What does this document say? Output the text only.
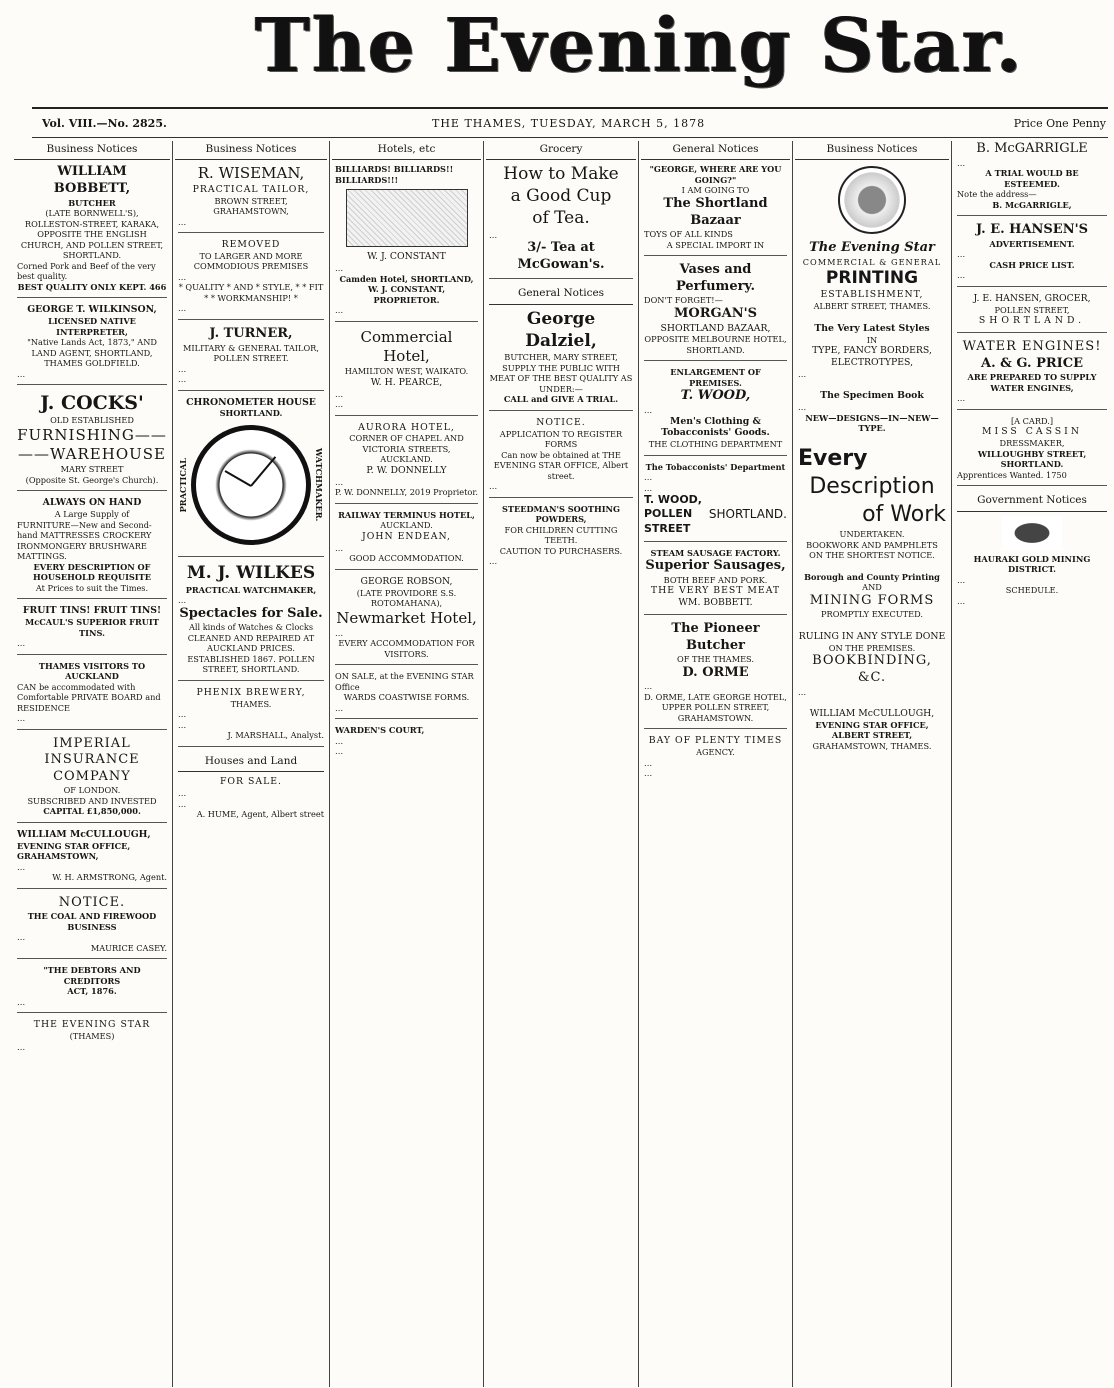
The Evening Star.
Vol. VIII.—No. 2825.	THE THAMES, TUESDAY, MARCH 5, 1878	Price One Penny
Business Notices
WILLIAM BOBBETT,
BUTCHER
(LATE BORNWELL'S), ROLLESTON-STREET, KARAKA, OPPOSITE THE ENGLISH CHURCH, AND POLLEN STREET, SHORTLAND.
Corned Pork and Beef of the very best quality.
BEST QUALITY ONLY KEPT. 466
GEORGE T. WILKINSON,
LICENSED NATIVE INTERPRETER,
"Native Lands Act, 1873," AND LAND AGENT, SHORTLAND, THAMES GOLDFIELD.
…
J. COCKS'
OLD ESTABLISHED
FURNISHING—— ——WAREHOUSE
MARY STREET
(Opposite St. George's Church).
ALWAYS ON HAND
A Large Supply of
FURNITURE—New and Second-hand MATTRESSES CROCKERY IRONMONGERY BRUSHWARE MATTINGS.
EVERY DESCRIPTION OF HOUSEHOLD REQUISITE
At Prices to suit the Times.
FRUIT TINS! FRUIT TINS!
McCAUL'S SUPERIOR FRUIT TINS.
…
THAMES VISITORS TO AUCKLAND
CAN be accommodated with Comfortable PRIVATE BOARD and RESIDENCE
…
IMPERIAL
INSURANCE COMPANY
OF LONDON.
SUBSCRIBED AND INVESTED
CAPITAL £1,850,000.
WILLIAM McCULLOUGH,
EVENING STAR OFFICE, GRAHAMSTOWN,
…
W. H. ARMSTRONG, Agent.
NOTICE.
THE COAL AND FIREWOOD BUSINESS
…
MAURICE CASEY.
"THE DEBTORS AND CREDITORS
ACT, 1876.
…
THE EVENING STAR
(THAMES)
…
Business Notices
R. WISEMAN,
PRACTICAL TAILOR,
BROWN STREET, GRAHAMSTOWN,
…
REMOVED
TO LARGER AND MORE COMMODIOUS PREMISES
…
* QUALITY * AND * STYLE, * * FIT * * WORKMANSHIP! *
…
J. TURNER,
MILITARY & GENERAL TAILOR, POLLEN STREET.
…
…
CHRONOMETER HOUSE
SHORTLAND.
PRACTICAL	WATCHMAKER.
M. J. WILKES
PRACTICAL WATCHMAKER,
…
Spectacles for Sale.
All kinds of Watches & Clocks CLEANED AND REPAIRED AT AUCKLAND PRICES. ESTABLISHED 1867. POLLEN STREET, SHORTLAND.
PHENIX BREWERY,
THAMES.
…
…
J. MARSHALL, Analyst.
Houses and Land
FOR SALE.
…
…
A. HUME, Agent, Albert street
Hotels, etc
BILLIARDS! BILLIARDS!! BILLIARDS!!!
W. J. CONSTANT
…
Camden Hotel, SHORTLAND, W. J. CONSTANT, PROPRIETOR.
…
Commercial Hotel,
HAMILTON WEST, WAIKATO.
W. H. PEARCE,
…
…
AURORA HOTEL,
CORNER OF CHAPEL AND VICTORIA STREETS, AUCKLAND.
P. W. DONNELLY
…
P. W. DONNELLY, 2019 Proprietor.
RAILWAY TERMINUS HOTEL,
AUCKLAND.
JOHN ENDEAN,
…
GOOD ACCOMMODATION.
GEORGE ROBSON,
(LATE PROVIDORE S.S. ROTOMAHANA),
Newmarket Hotel,
…
EVERY ACCOMMODATION FOR VISITORS.
ON SALE, at the EVENING STAR Office
WARDS COASTWISE FORMS.
…
WARDEN'S COURT,
…
…
Grocery
How to Make
a Good Cup
of Tea.
…
3/- Tea at McGowan's.
General Notices
George Dalziel,
BUTCHER, MARY STREET,
SUPPLY THE PUBLIC WITH MEAT OF THE BEST QUALITY AS UNDER:—
CALL and GIVE A TRIAL.
NOTICE.
APPLICATION TO REGISTER FORMS
Can now be obtained at THE EVENING STAR OFFICE, Albert street.
…
STEEDMAN'S SOOTHING POWDERS,
FOR CHILDREN CUTTING TEETH.
CAUTION TO PURCHASERS.
…
General Notices
"GEORGE, WHERE ARE YOU GOING?"
I AM GOING TO
The Shortland Bazaar
TOYS OF ALL KINDS
A SPECIAL IMPORT IN
Vases and Perfumery.
DON'T FORGET!—
MORGAN'S
SHORTLAND BAZAAR,
OPPOSITE MELBOURNE HOTEL, SHORTLAND.
ENLARGEMENT OF PREMISES.
T. WOOD,
…
Men's Clothing & Tobacconists' Goods.
THE CLOTHING DEPARTMENT
The Tobacconists' Department
…
…
T. WOOD, POLLEN STREET
SHORTLAND.
STEAM SAUSAGE FACTORY.
Superior Sausages,
BOTH BEEF AND PORK.
THE VERY BEST MEAT
WM. BOBBETT.
The Pioneer Butcher
OF THE THAMES.
D. ORME
…
D. ORME, LATE GEORGE HOTEL, UPPER POLLEN STREET, GRAHAMSTOWN.
BAY OF PLENTY TIMES
AGENCY.
…
…
Business Notices
The Evening Star
COMMERCIAL & GENERAL
PRINTING
ESTABLISHMENT,
ALBERT STREET, THAMES.
The Very Latest Styles
IN
TYPE, FANCY BORDERS,
ELECTROTYPES,
…
The Specimen Book
…
NEW—DESIGNS—IN—NEW—TYPE.
Every
Description
of Work
UNDERTAKEN.
BOOKWORK AND PAMPHLETS ON THE SHORTEST NOTICE.
Borough and County Printing
AND
MINING FORMS
PROMPTLY EXECUTED.
RULING IN ANY STYLE DONE
ON THE PREMISES.
BOOKBINDING, &C.
…
WILLIAM McCULLOUGH,
EVENING STAR OFFICE,
ALBERT STREET,
GRAHAMSTOWN, THAMES.
B. McGARRIGLE
…
A TRIAL WOULD BE ESTEEMED.
Note the address—
B. McGARRIGLE,
J. E. HANSEN'S
ADVERTISEMENT.
…
CASH PRICE LIST.
…
J. E. HANSEN, GROCER,
POLLEN STREET,
SHORTLAND.
WATER ENGINES!
A. & G. PRICE
ARE PREPARED TO SUPPLY
WATER ENGINES,
…
[A CARD.]
MISS CASSIN
DRESSMAKER,
WILLOUGHBY STREET, SHORTLAND.
Apprentices Wanted. 1750
Government Notices
HAURAKI GOLD MINING DISTRICT.
…
SCHEDULE.
…
